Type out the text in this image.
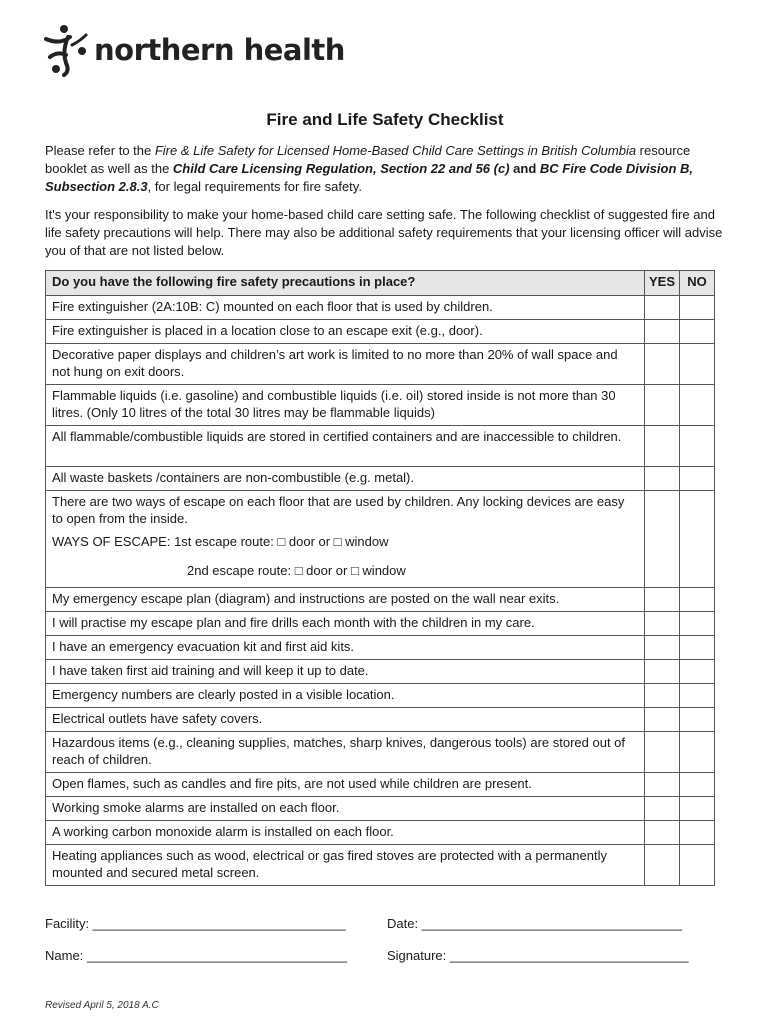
northern health
Fire and Life Safety Checklist
Please refer to the Fire & Life Safety for Licensed Home-Based Child Care Settings in British Columbia resource booklet as well as the Child Care Licensing Regulation, Section 22 and 56 (c) and BC Fire Code Division B, Subsection 2.8.3, for legal requirements for fire safety.
It's your responsibility to make your home-based child care setting safe. The following checklist of suggested fire and life safety precautions will help. There may also be additional safety requirements that your licensing officer will advise you of that are not listed below.
Do you have the following fire safety precautions in place?	YES	NO
Fire extinguisher (2A:10B: C) mounted on each floor that is used by children.		
Fire extinguisher is placed in a location close to an escape exit (e.g., door).		
Decorative paper displays and children’s art work is limited to no more than 20% of wall space and not hung on exit doors.		
Flammable liquids (i.e. gasoline) and combustible liquids (i.e. oil) stored inside is not more than 30 litres. (Only 10 litres of the total 30 litres may be flammable liquids)		
All flammable/combustible liquids are stored in certified containers and are inaccessible to children.		
All waste baskets /containers are non-combustible (e.g. metal).		

There are two ways of escape on each floor that are used by children. Any locking devices are easy to open from the inside.
WAYS OF ESCAPE: 1st escape route: □ door or □ window
2nd escape route: □ door or □ window		

My emergency escape plan (diagram) and instructions are posted on the wall near exits.		
I will practise my escape plan and fire drills each month with the children in my care.		
I have an emergency evacuation kit and first aid kits.		
I have taken first aid training and will keep it up to date.		
Emergency numbers are clearly posted in a visible location.		
Electrical outlets have safety covers.		
Hazardous items (e.g., cleaning supplies, matches, sharp knives, dangerous tools) are stored out of reach of children.		
Open flames, such as candles and fire pits, are not used while children are present.		
Working smoke alarms are installed on each floor.		
A working carbon monoxide alarm is installed on each floor.		
Heating appliances such as wood, electrical or gas fired stoves are protected with a permanently mounted and secured metal screen.		
Facility: ___________________________________	Date: ____________________________________
Name: ____________________________________	Signature: _________________________________
Revised April 5, 2018 A.C
